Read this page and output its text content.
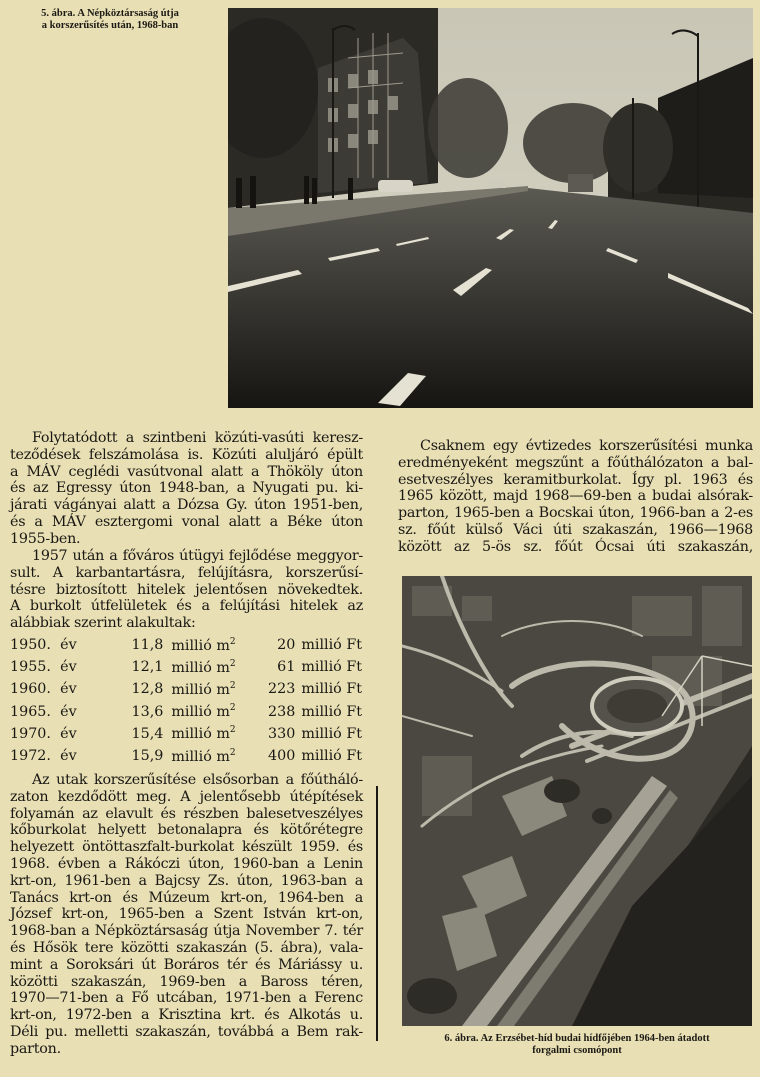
5. ábra. A Népköztársaság útja
a korszerűsítés után, 1968-ban
Folytatódott a szintbeni közúti-vasúti keresz-
teződések felszámolása is. Közúti aluljáró épült
a MÁV ceglédi vasútvonal alatt a Thököly úton
és az Egressy úton 1948-ban, a Nyugati pu. ki-
járati vágányai alatt a Dózsa Gy. úton 1951-ben,
és a MÁV esztergomi vonal alatt a Béke úton
1955-ben.
1957 után a főváros útügyi fejlődése meggyor-
sult. A karbantartásra, felújításra, korszerűsí-
tésre biztosított hitelek jelentősen növekedtek.
A burkolt útfelületek és a felújítási hitelek az
alábbiak szerint alakultak:
1950.	év	11,8	millió $m^2$	20	millió Ft
1955.	év	12,1	millió $m^2$	61	millió Ft
1960.	év	12,8	millió $m^2$	223	millió Ft
1965.	év	13,6	millió $m^2$	238	millió Ft
1970.	év	15,4	millió $m^2$	330	millió Ft
1972.	év	15,9	millió $m^2$	400	millió Ft
Az utak korszerűsítése elsősorban a főútháló-
zaton kezdődött meg. A jelentősebb útépítések
folyamán az elavult és részben balesetveszélyes
kőburkolat helyett betonalapra és kötőrétegre
helyezett öntöttaszfalt-burkolat készült 1959. és
1968. évben a Rákóczi úton, 1960-ban a Lenin
krt-on, 1961-ben a Bajcsy Zs. úton, 1963-ban a
Tanács krt-on és Múzeum krt-on, 1964-ben a
József krt-on, 1965-ben a Szent István krt-on,
1968-ban a Népköztársaság útja November 7. tér
és Hősök tere közötti szakaszán (5. ábra), vala-
mint a Soroksári út Boráros tér és Máriássy u.
közötti szakaszán, 1969-ben a Baross téren,
1970—71-ben a Fő utcában, 1971-ben a Ferenc
krt-on, 1972-ben a Krisztina krt. és Alkotás u.
Déli pu. melletti szakaszán, továbbá a Bem rak-
parton.
Csaknem egy évtizedes korszerűsítési munka
eredményeként megszűnt a főúthálózaton a bal-
esetveszélyes keramitburkolat. Így pl. 1963 és
1965 között, majd 1968—69-ben a budai alsórak-
parton, 1965-ben a Bocskai úton, 1966-ban a 2-es
sz. főút külső Váci úti szakaszán, 1966—1968
között az 5-ös sz. főút Ócsai úti szakaszán,
6. ábra. Az Erzsébet-híd budai hídfőjében 1964-ben átadott
forgalmi csomópont
